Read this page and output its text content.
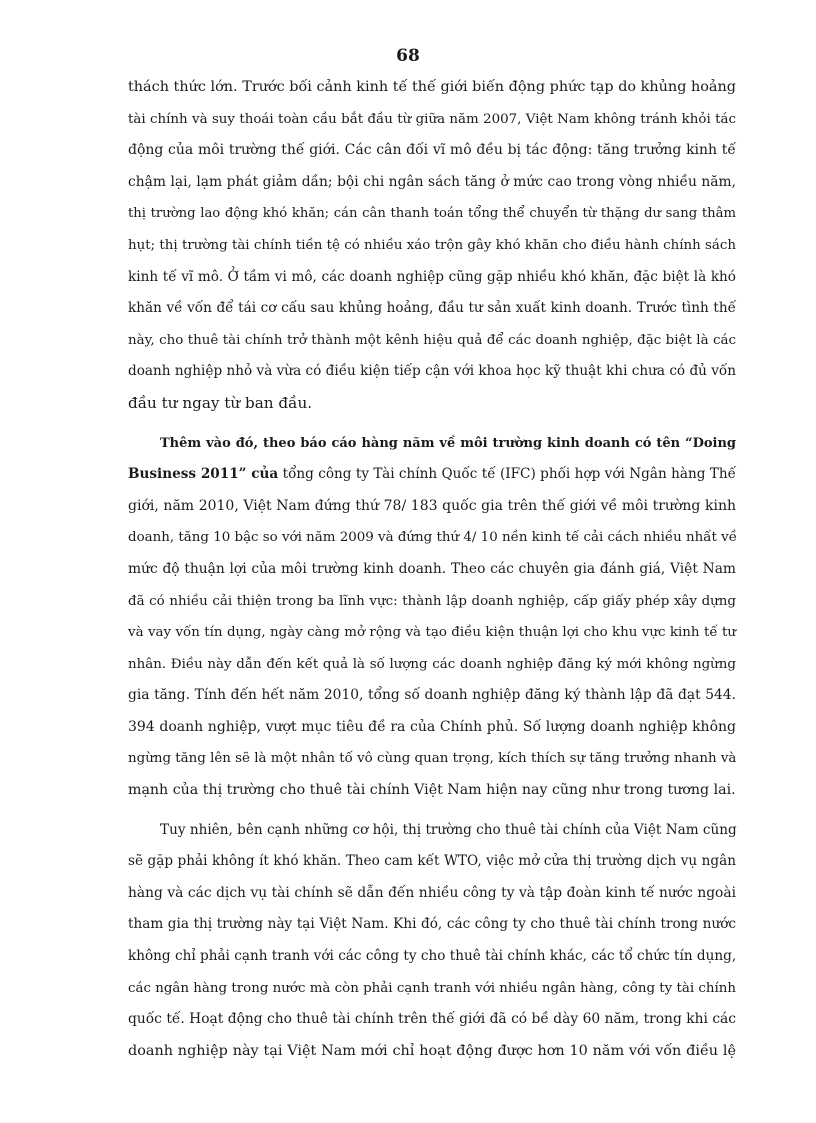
68
thách thức lớn. Trước bối cảnh kinh tế thế giới biến động phức tạp do khủng hoảng
tài chính và suy thoái toàn cầu bắt đầu từ giữa năm 2007, Việt Nam không tránh khỏi tác
động của môi trường thế giới. Các cân đối vĩ mô đều bị tác động: tăng trưởng kinh tế
chậm lại, lạm phát giảm dần; bội chi ngân sách tăng ở mức cao trong vòng nhiều năm,
thị trường lao động khó khăn; cán cân thanh toán tổng thể chuyển từ thặng dư sang thâm
hụt; thị trường tài chính tiền tệ có nhiều xáo trộn gây khó khăn cho điều hành chính sách
kinh tế vĩ mô. Ở tầm vi mô, các doanh nghiệp cũng gặp nhiều khó khăn, đặc biệt là khó
khăn về vốn để tái cơ cấu sau khủng hoảng, đầu tư sản xuất kinh doanh. Trước tình thế
này, cho thuê tài chính trở thành một kênh hiệu quả để các doanh nghiệp, đặc biệt là các
doanh nghiệp nhỏ và vừa có điều kiện tiếp cận với khoa học kỹ thuật khi chưa có đủ vốn
đầu tư ngay từ ban đầu.
Thêm vào đó, theo báo cáo hàng năm về môi trường kinh doanh có tên “Doing
Business 2011” của tổng công ty Tài chính Quốc tế (IFC) phối hợp với Ngân hàng Thế
giới, năm 2010, Việt Nam đứng thứ 78/ 183 quốc gia trên thế giới về môi trường kinh
doanh, tăng 10 bậc so với năm 2009 và đứng thứ 4/ 10 nền kinh tế cải cách nhiều nhất về
mức độ thuận lợi của môi trường kinh doanh. Theo các chuyên gia đánh giá, Việt Nam
đã có nhiều cải thiện trong ba lĩnh vực: thành lập doanh nghiệp, cấp giấy phép xây dựng
và vay vốn tín dụng, ngày càng mở rộng và tạo điều kiện thuận lợi cho khu vực kinh tế tư
nhân. Điều này dẫn đến kết quả là số lượng các doanh nghiệp đăng ký mới không ngừng
gia tăng. Tính đến hết năm 2010, tổng số doanh nghiệp đăng ký thành lập đã đạt 544.
394 doanh nghiệp, vượt mục tiêu đề ra của Chính phủ. Số lượng doanh nghiệp không
ngừng tăng lên sẽ là một nhân tố vô cùng quan trọng, kích thích sự tăng trưởng nhanh và
mạnh của thị trường cho thuê tài chính Việt Nam hiện nay cũng như trong tương lai.
Tuy nhiên, bên cạnh những cơ hội, thị trường cho thuê tài chính của Việt Nam cũng
sẽ gặp phải không ít khó khăn. Theo cam kết WTO, việc mở cửa thị trường dịch vụ ngân
hàng và các dịch vụ tài chính sẽ dẫn đến nhiều công ty và tập đoàn kinh tế nước ngoài
tham gia thị trường này tại Việt Nam. Khi đó, các công ty cho thuê tài chính trong nước
không chỉ phải cạnh tranh với các công ty cho thuê tài chính khác, các tổ chức tín dụng,
các ngân hàng trong nước mà còn phải cạnh tranh với nhiều ngân hàng, công ty tài chính
quốc tế. Hoạt động cho thuê tài chính trên thế giới đã có bề dày 60 năm, trong khi các
doanh nghiệp này tại Việt Nam mới chỉ hoạt động được hơn 10 năm với vốn điều lệ
